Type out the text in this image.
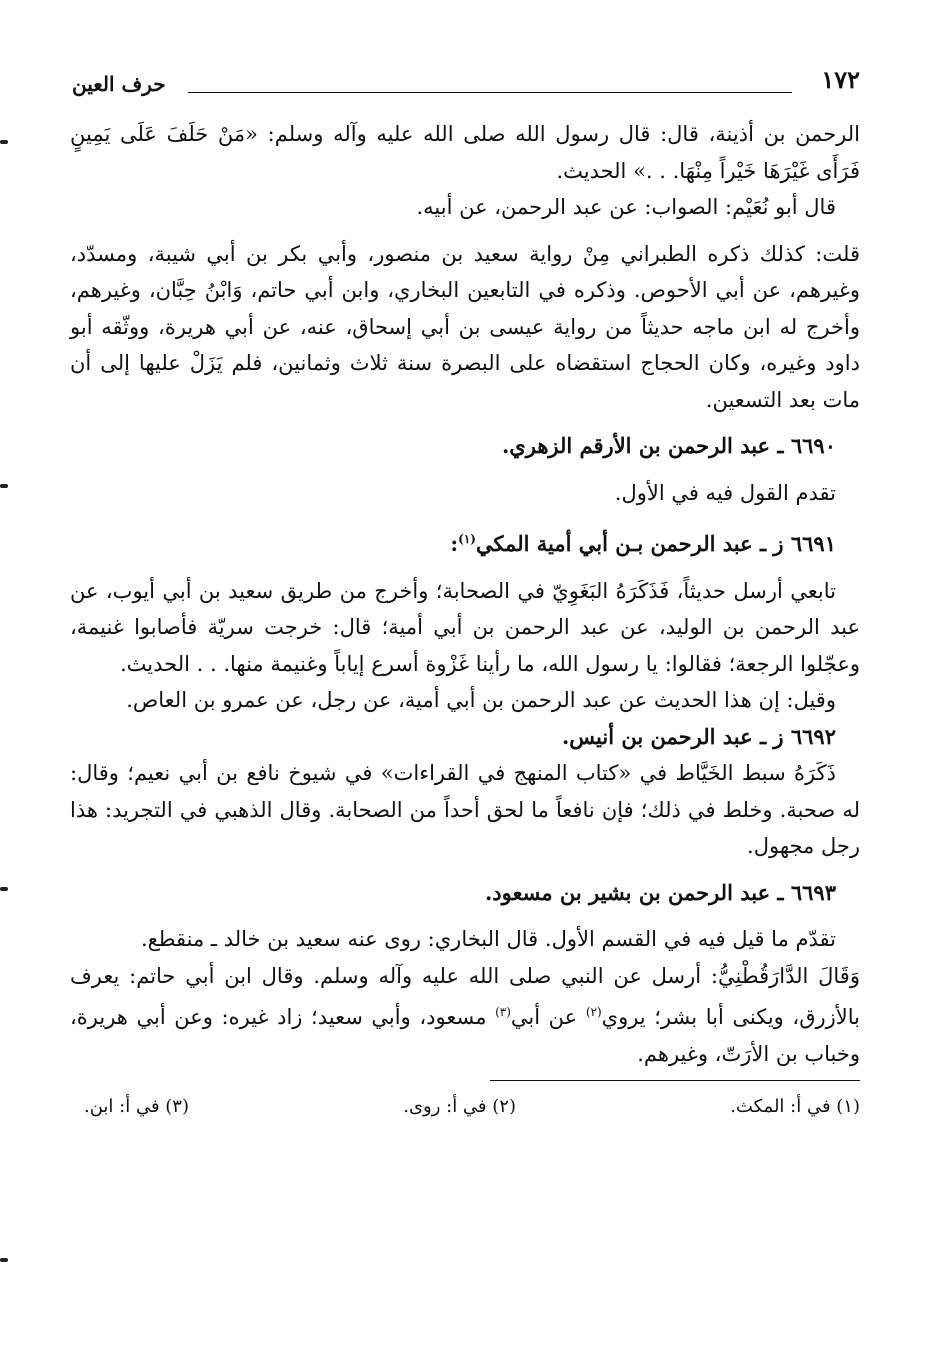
١٧٢
حرف العين

الرحمن بن أذينة، قال: قال رسول الله صلى الله عليه وآله وسلم: «مَنْ حَلَفَ عَلَى يَمِينٍ فَرَأَى غَيْرَهَا خَيْراً مِنْهَا. . .» الحديث.

قال أبو نُعَيْم: الصواب: عن عبد الرحمن، عن أبيه.

قلت: كذلك ذكره الطبراني مِنْ رواية سعيد بن منصور، وأبي بكر بن أبي شيبة، ومسدّد، وغيرهم، عن أبي الأحوص. وذكره في التابعين البخاري، وابن أبي حاتم، وَابْنُ حِبَّان، وغيرهم، وأخرج له ابن ماجه حديثاً من رواية عيسى بن أبي إسحاق، عنه، عن أبي هريرة، ووثّقه أبو داود وغيره، وكان الحجاج استقضاه على البصرة سنة ثلاث وثمانين، فلم يَزَلْ عليها إلى أن مات بعد التسعين.

٦٦٩٠ ـ عبد الرحمن بن الأرقم الزهري.

تقدم القول فيه في الأول.

٦٦٩١ ز ـ عبد الرحمن بـن أبي أمية المكي$^{(١)}$:

تابعي أرسل حديثاً، فَذَكَرَهُ البَغَوِيّ في الصحابة؛ وأخرج من طريق سعيد بن أبي أيوب، عن عبد الرحمن بن الوليد، عن عبد الرحمن بن أبي أمية؛ قال: خرجت سريّة فأصابوا غنيمة، وعجّلوا الرجعة؛ فقالوا: يا رسول الله، ما رأينا غَزْوة أسرع إياباً وغنيمة منها. . . الحديث.

وقيل: إن هذا الحديث عن عبد الرحمن بن أبي أمية، عن رجل، عن عمرو بن العاص.

٦٦٩٢ ز ـ عبد الرحمن بن أنيس.

ذَكَرَهُ سبط الخَيَّاط في «كتاب المنهج في القراءات» في شيوخ نافع بن أبي نعيم؛ وقال: له صحبة. وخلط في ذلك؛ فإن نافعاً ما لحق أحداً من الصحابة. وقال الذهبي في التجريد: هذا رجل مجهول.

٦٦٩٣ ـ عبد الرحمن بن بشير بن مسعود.

تقدّم ما قيل فيه في القسم الأول. قال البخاري: روى عنه سعيد بن خالد ـ منقطع.

وَقَالَ الدَّارَقُطْنِيُّ: أرسل عن النبي صلى الله عليه وآله وسلم. وقال ابن أبي حاتم: يعرف بالأزرق، ويكنى أبا بشر؛ يروي$^{(٢)}$ عن أبي$^{(٣)}$ مسعود، وأبي سعيد؛ زاد غيره: وعن أبي هريرة، وخباب بن الأرَتّ، وغيرهم.

(١) في أ: المكث.
(٢) في أ: روى.
(٣) في أ: ابن.
